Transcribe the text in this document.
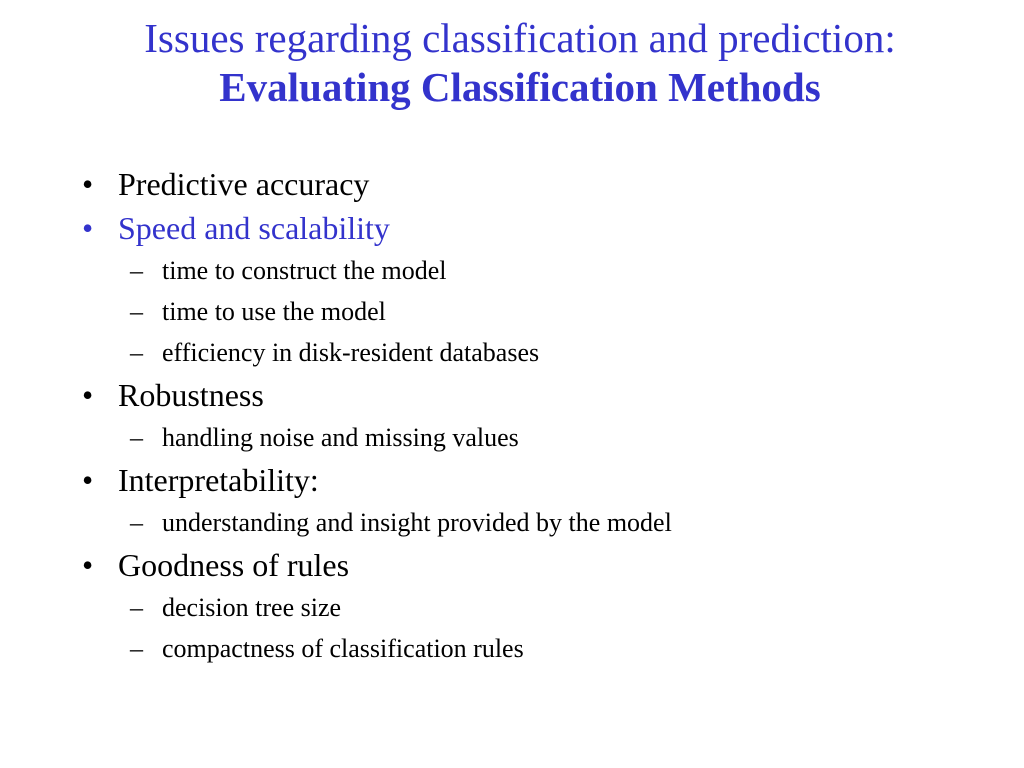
Issues regarding classification and prediction:
Evaluating Classification Methods
• Predictive accuracy
• Speed and scalability
– time to construct the model
– time to use the model
– efficiency in disk-resident databases
• Robustness
– handling noise and missing values
• Interpretability:
– understanding and insight provided by the model
• Goodness of rules
– decision tree size
– compactness of classification rules
